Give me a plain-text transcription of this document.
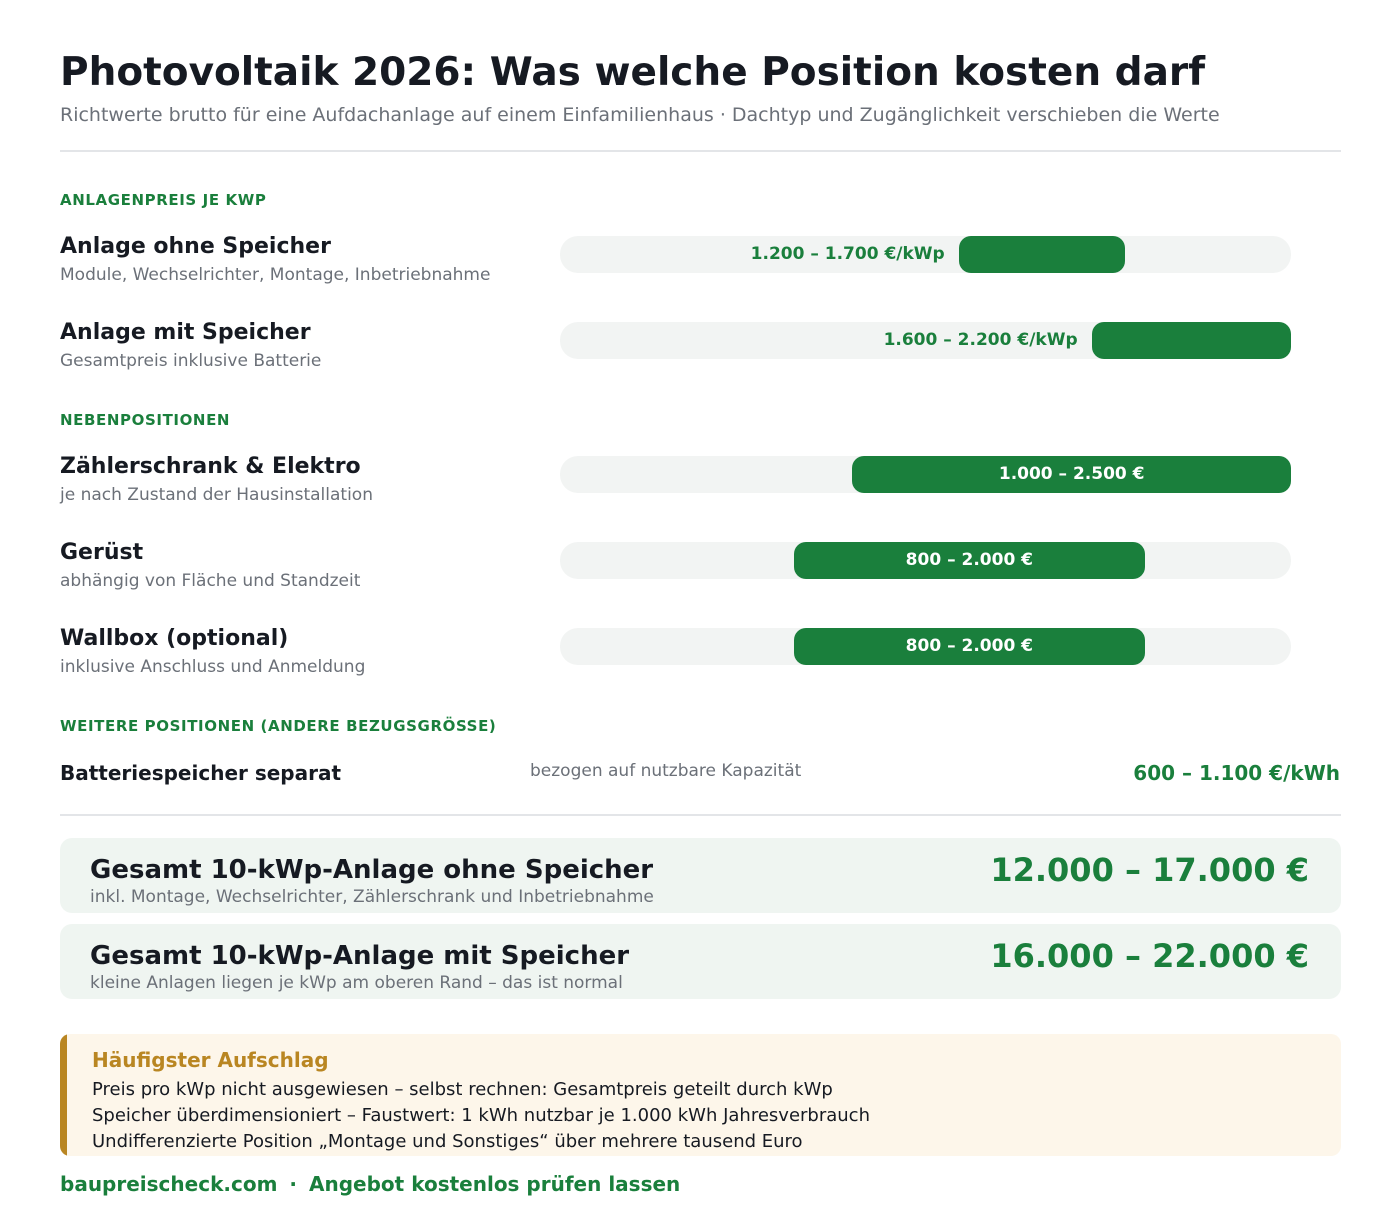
Photovoltaik 2026: Was welche Position kosten darf
Richtwerte brutto für eine Aufdachanlage auf einem Einfamilienhaus · Dachtyp und Zugänglichkeit verschieben die Werte
ANLAGENPREIS JE KWP
Anlage ohne Speicher
Module, Wechselrichter, Montage, Inbetriebnahme
1.200 – 1.700 €/kWp
Anlage mit Speicher
Gesamtpreis inklusive Batterie
1.600 – 2.200 €/kWp
NEBENPOSITIONEN
Zählerschrank & Elektro
je nach Zustand der Hausinstallation
1.000 – 2.500 €
Gerüst
abhängig von Fläche und Standzeit
800 – 2.000 €
Wallbox (optional)
inklusive Anschluss und Anmeldung
800 – 2.000 €
WEITERE POSITIONEN (ANDERE BEZUGSGRÖSSE)
Batteriespeicher separat	bezogen auf nutzbare Kapazität	600 – 1.100 €/kWh
Gesamt 10-kWp-Anlage ohne Speicher
inkl. Montage, Wechselrichter, Zählerschrank und Inbetriebnahme
12.000 – 17.000 €
Gesamt 10-kWp-Anlage mit Speicher
kleine Anlagen liegen je kWp am oberen Rand – das ist normal
16.000 – 22.000 €
Häufigster Aufschlag
Preis pro kWp nicht ausgewiesen – selbst rechnen: Gesamtpreis geteilt durch kWp
Speicher überdimensioniert – Faustwert: 1 kWh nutzbar je 1.000 kWh Jahresverbrauch
Undifferenzierte Position „Montage und Sonstiges“ über mehrere tausend Euro
baupreischeck.com · Angebot kostenlos prüfen lassen
